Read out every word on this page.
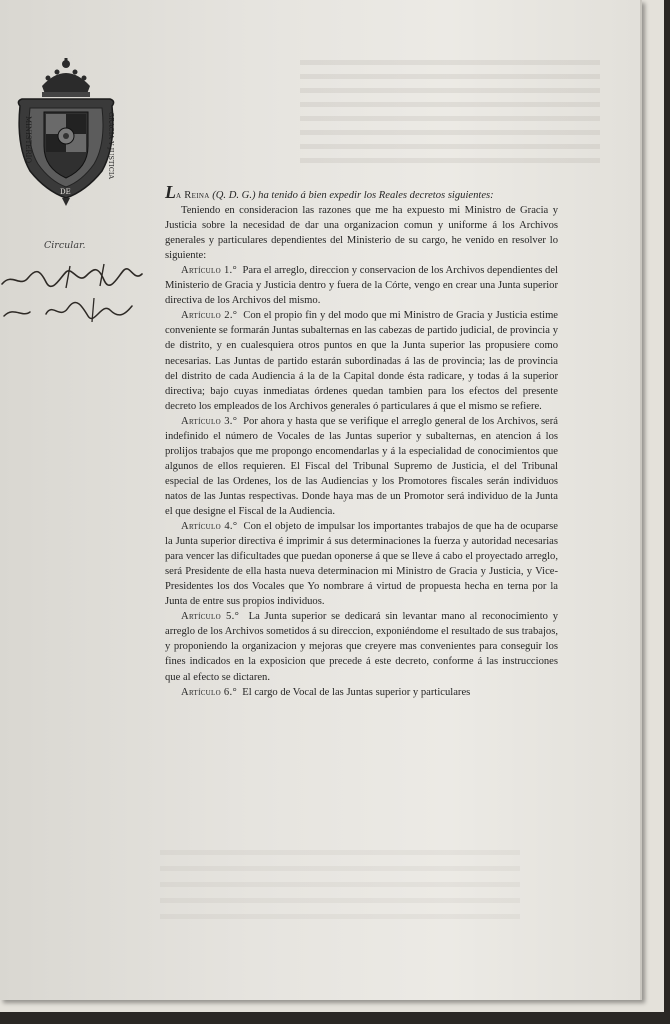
MINISTERIO	GRACIA Y JUSTICIA
DE
Circular.

La Reina (Q. D. G.) ha tenido á bien expedir los Reales decretos siguientes:

Teniendo en consideracion las razones que me ha expuesto mi Ministro de Gracia y Justicia sobre la necesidad de dar una organizacion comun y uniforme á los Archivos generales y particulares dependientes del Ministerio de su cargo, he venido en resolver lo siguiente:

Artículo 1.° Para el arreglo, direccion y conservacion de los Archivos dependientes del Ministerio de Gracia y Justicia dentro y fuera de la Córte, vengo en crear una Junta superior directiva de los Archivos del mismo.

Artículo 2.° Con el propio fin y del modo que mi Ministro de Gracia y Justicia estime conveniente se formarán Juntas subalternas en las cabezas de partido judicial, de provincia y de distrito, y en cualesquiera otros puntos en que la Junta superior las propusiere como necesarias. Las Juntas de partido estarán subordinadas á las de provincia; las de provincia del distrito de cada Audiencia á la de la Capital donde ésta radicare, y todas á la superior directiva; bajo cuyas inmediatas órdenes quedan tambien para los efectos del presente decreto los empleados de los Archivos generales ó particulares á que el mismo se refiere.

Artículo 3.° Por ahora y hasta que se verifique el arreglo general de los Archivos, será indefinido el número de Vocales de las Juntas superior y subalternas, en atencion á los prolijos trabajos que me propongo encomendarlas y á la especialidad de conocimientos que algunos de ellos requieren. El Fiscal del Tribunal Supremo de Justicia, el del Tribunal especial de las Ordenes, los de las Audiencias y los Promotores fiscales serán individuos natos de las Juntas respectivas. Donde haya mas de un Promotor será individuo de la Junta el que designe el Fiscal de la Audiencia.

Artículo 4.° Con el objeto de impulsar los importantes trabajos de que ha de ocuparse la Junta superior directiva é imprimir á sus determinaciones la fuerza y autoridad necesarias para vencer las dificultades que puedan oponerse á que se lleve á cabo el proyectado arreglo, será Presidente de ella hasta nueva determinacion mi Ministro de Gracia y Justicia, y Vice-Presidentes los dos Vocales que Yo nombrare á virtud de propuesta hecha en terna por la Junta de entre sus propios individuos.

Artículo 5.° La Junta superior se dedicará sin levantar mano al reconocimiento y arreglo de los Archivos sometidos á su direccion, exponiéndome el resultado de sus trabajos, y proponiendo la organizacion y mejoras que creyere mas convenientes para conseguir los fines indicados en la exposicion que precede á este decreto, conforme á las instrucciones que al efecto se dictaren.

Artículo 6.° El cargo de Vocal de las Juntas superior y particulares
